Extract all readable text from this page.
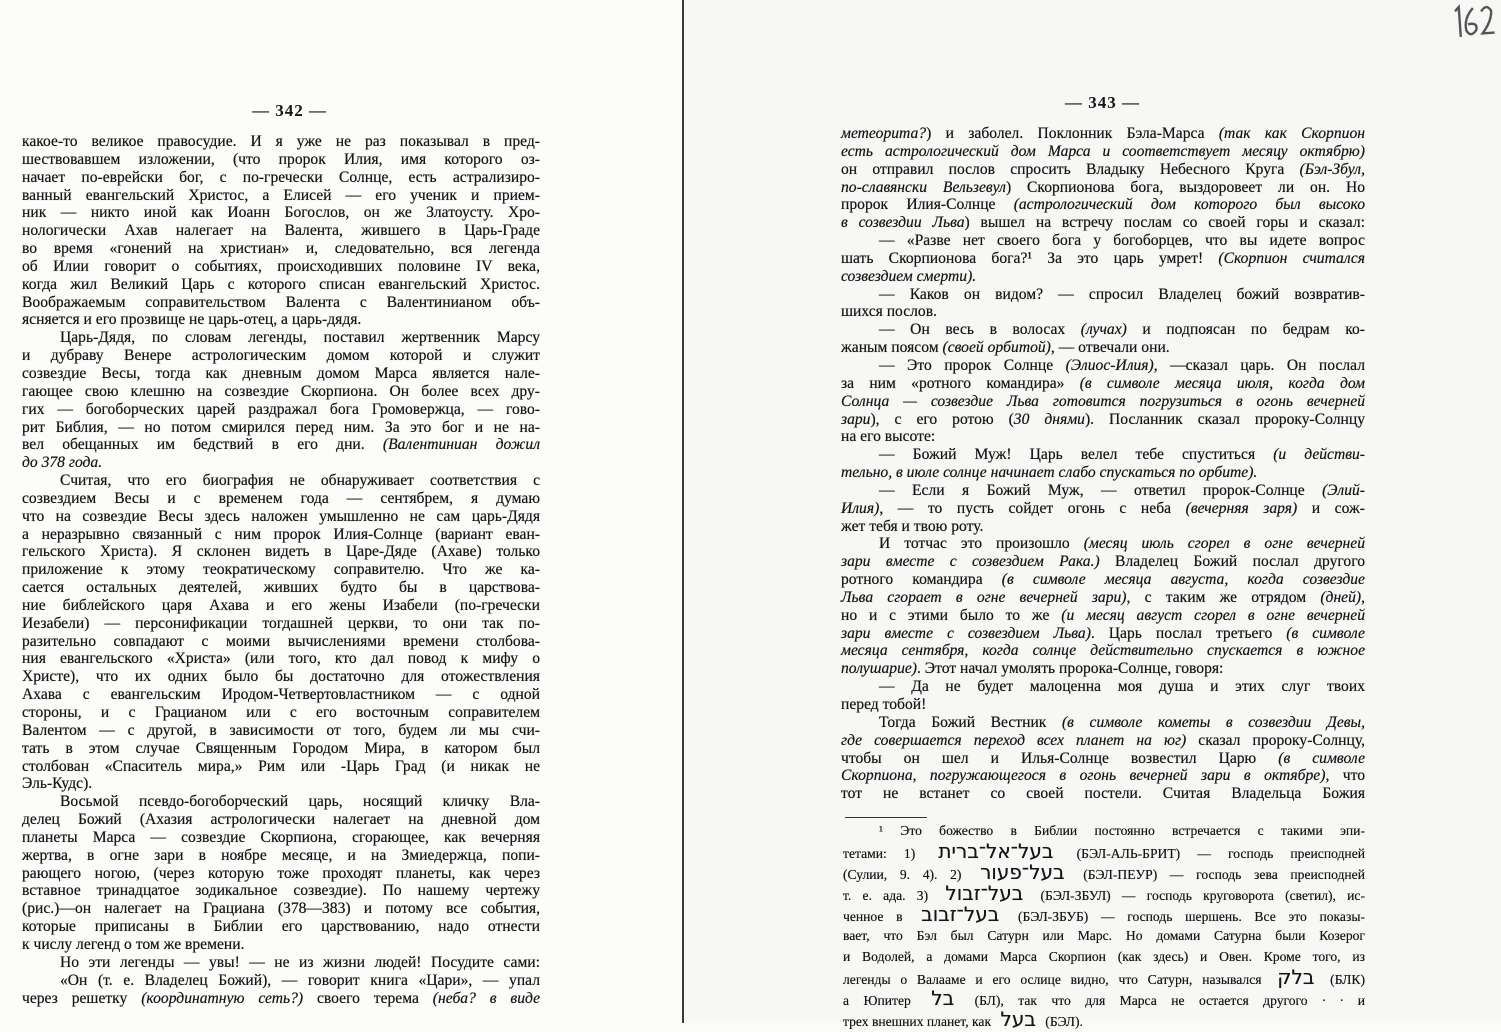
— 342 —
какое-то великое правосудие. И я уже не раз показывал в пред-
шествовавшем изложении, (что пророк Илия, имя которого оз-
начает по-еврейски бог, с по-гречески Солнце, есть астрализиро-
ванный евангельский Христос, а Елисей — его ученик и прием-
ник — никто иной как Иоанн Богослов, он же Златоусту. Хро-
нологически Ахав налегает на Валента, жившего в Царь-Граде
во время «гонений на христиан» и, следовательно, вся легенда
об Илии говорит о событиях, происходивших половине IV века,
когда жил Великий Царь с которого списан евангельский Христос.
Воображаемым соправительством Валента с Валентинианом объ-
ясняется и его прозвище не царь-отец, а царь-дядя.
Царь-Дядя, по словам легенды, поставил жертвенник Марсу
и дубраву Венере астрологическим домом которой и служит
созвездие Весы, тогда как дневным домом Марса является нале-
гающее свою клешню на созвездие Скорпиона. Он более всех дру-
гих — богоборческих царей раздражал бога Громовержца, — гово-
рит Библия, — но потом смирился перед ним. За это бог и не на-
вел обещанных им бедствий в его дни. (Валентиниан дожил
до 378 года.
Считая, что его биография не обнаруживает соответствия с
созвездием Весы и с временем года — сентябрем, я думаю
что на созвездие Весы здесь наложен умышленно не сам царь-Дядя
а неразрывно связанный с ним пророк Илия-Солнце (вариант еван-
гельского Христа). Я склонен видеть в Царе-Дяде (Ахаве) только
приложение к этому теократическому соправителю. Что же ка-
сается остальных деятелей, живших будто бы в царствова-
ние библейского царя Ахава и его жены Изабели (по-гречески
Иезабели) — персонификации тогдашней церкви, то они так по-
разительно совпадают с моими вычислениями времени столбова-
ния евангельского «Христа» (или того, кто дал повод к мифу о
Христе), что их одних было бы достаточно для отожествления
Ахава с евангельским Иродом-Четвертовластником — с одной
стороны, и с Грацианом или с его восточным соправителем
Валентом — с другой, в зависимости от того, будем ли мы счи-
тать в этом случае Священным Городом Мира, в катором был
столбован «Спаситель мира,» Рим или -Царь Град (и никак не
Эль-Кудс).
Восьмой псевдо-богоборческий царь, носящий кличку Вла-
делец Божий (Ахазия астрологически налегает на дневной дом
планеты Марса — созвездие Скорпиона, сгорающее, как вечерняя
жертва, в огне зари в ноябре месяце, и на Змиедержца, попи-
рающего ногою, (через которую тоже проходят планеты, как через
вставное тринадцатое зодикальное созвездие). По нашему чертежу
(рис.)—он налегает на Грациана (378—383) и потому все события,
которые приписаны в Библии его царствованию, надо отнести
к числу легенд о том же времени.
Но эти легенды — увы! — не из жизни людей! Посудите сами:
«Он (т. е. Владелец Божий), — говорит книга «Цари», — упал
через решетку (координатную сеть?) своего терема (неба? в виде
— 343 —
метеорита?) и заболел. Поклонник Бэла-Марса (так как Скорпион
есть астрологический дом Марса и соответствует месяцу октябрю)
он отправил послов спросить Владыку Небесного Круга (Бэл-Збул,
по-славянски Вельзевул) Скорпионова бога, выздоровеет ли он. Но
пророк Илия-Солнце (астрологический дом которого был высоко
в созвездии Льва) вышел на встречу послам со своей горы и сказал:
— «Разве нет своего бога у богоборцев, что вы идете вопрос
шать Скорпионова бога?¹ За это царь умрет! (Скорпион считался
созвездием смерти).
— Каков он видом? — спросил Владелец божий возвратив-
шихся послов.
— Он весь в волосах (лучах) и подпоясан по бедрам ко-
жаным поясом (своей орбитой), — отвечали они.
— Это пророк Солнце (Элиос-Илия), —сказал царь. Он послал
за ним «ротного командира» (в символе месяца июля, когда дом
Солнца — созвездие Льва готовится погрузиться в огонь вечерней
зари), с его ротою (30 днями). Посланник сказал пророку-Солнцу
на его высоте:
— Божий Муж! Царь велел тебе спуститься (и действи-
тельно, в июле солнце начинает слабо спускаться по орбите).
— Если я Божий Муж, — ответил пророк-Солнце (Элий-
Илия), — то пусть сойдет огонь с неба (вечерняя заря) и сож-
жет тебя и твою роту.
И тотчас это произошло (месяц июль сгорел в огне вечерней
зари вместе с созвездием Рака.) Владелец Божий послал другого
ротного командира (в символе месяца августа, когда созвездие
Льва сгорает в огне вечерней зари), с таким же отрядом (дней),
но и с этими было то же (и месяц август сгорел в огне вечерней
зари вместе с созвездием Льва). Царь послал третьего (в символе
месяца сентября, когда солнце действительно спускается в южное
полушарие). Этот начал умолять пророка-Солнце, говоря:
— Да не будет малоценна моя душа и этих слуг твоих
перед тобой!
Тогда Божий Вестник (в символе кометы в созвездии Девы,
где совершается переход всех планет на юг) сказал пророку-Солнцу,
чтобы он шел и Илья-Солнце возвестил Царю (в символе
Скорпиона, погружающегося в огонь вечерней зари в октябре), что
тот не встанет со своей постели. Считая Владельца Божия
¹ Это божество в Библии постоянно встречается с такими эпи-
тетами: 1) בעל־אל־ברית (БЭЛ-АЛЬ-БРИТ) — господь преисподней
(Сулии, 9. 4). 2) בעל־פעור (БЭЛ-ПЕУР) — господь зева преисподней
т. е. ада. 3) בעל־זבול (БЭЛ-ЗБУЛ) — господь круговорота (светил), ис-
ченное в בעל־זבוב (БЭЛ-ЗБУБ) — господь шершень. Все это показы-
вает, что Бэл был Сатурн или Марс. Но домами Сатурна были Козерог
и Водолей, а домами Марса Скорпион (как здесь) и Овен. Кроме того, из
легенды о Валааме и его ослице видно, что Сатурн, назывался בלק (БЛК)
а Юпитер בל (БЛ), так что для Марса не остается другого · · и
трех внешних планет, как בעל (БЭЛ).
